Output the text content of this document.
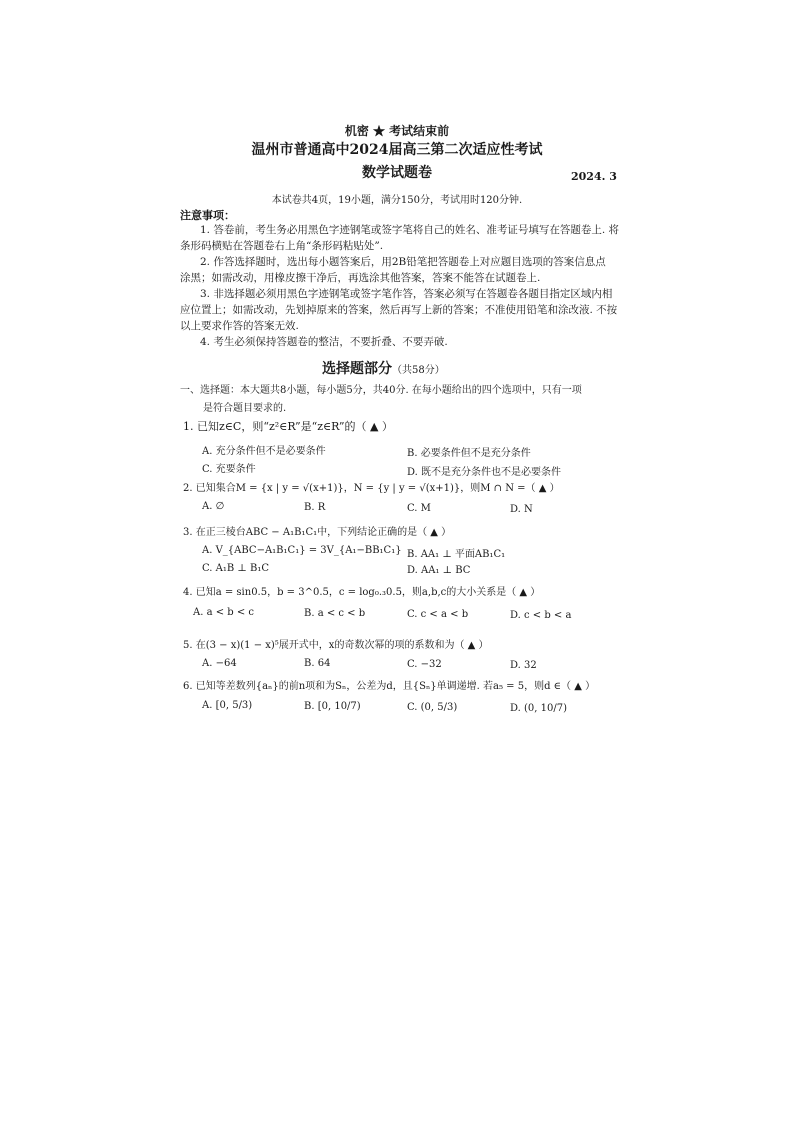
机密 ★ 考试结束前
温州市普通高中2024届高三第二次适应性考试
数学试题卷	2024. 3
本试卷共4页，19小题，满分150分，考试用时120分钟.
注意事项：
1. 答卷前，考生务必用黑色字迹钢笔或签字笔将自己的姓名、准考证号填写在答题卷上. 将
条形码横贴在答题卷右上角“条形码粘贴处”.
2. 作答选择题时，选出每小题答案后，用2B铅笔把答题卷上对应题目选项的答案信息点
涂黑；如需改动，用橡皮擦干净后，再选涂其他答案，答案不能答在试题卷上.
3. 非选择题必须用黑色字迹钢笔或签字笔作答，答案必须写在答题卷各题目指定区域内相
应位置上；如需改动，先划掉原来的答案，然后再写上新的答案；不准使用铅笔和涂改液. 不按
以上要求作答的答案无效.
4. 考生必须保持答题卷的整洁，不要折叠、不要弄破.
选择题部分（共58分）
一、选择题：本大题共8小题，每小题5分，共40分. 在每小题给出的四个选项中，只有一项
是符合题目要求的.
1. 已知z∈C，则“z²∈R”是“z∈R”的（ ▲ ）
A. 充分条件但不是必要条件	B. 必要条件但不是充分条件
C. 充要条件	D. 既不是充分条件也不是必要条件
2. 已知集合M = {x | y = √(x+1)}，N = {y | y = √(x+1)}，则M ∩ N =（ ▲ ）
A. ∅	B. R	C. M	D. N
3. 在正三棱台ABC − A₁B₁C₁中，下列结论正确的是（ ▲ ）
A. V_{ABC−A₁B₁C₁} = 3V_{A₁−BB₁C₁} B. AA₁ ⊥ 平面AB₁C₁
C. A₁B ⊥ B₁C	D. AA₁ ⊥ BC
4. 已知a = sin0.5，b = 3^0.5，c = log₀.₃0.5，则a,b,c的大小关系是（ ▲ ）
A. a < b < c	B. a < c < b	C. c < a < b	D. c < b < a
5. 在(3 − x)(1 − x)⁵展开式中，x的奇数次幂的项的系数和为（ ▲ ）
A. −64	B. 64	C. −32	D. 32
6. 已知等差数列{aₙ}的前n项和为Sₙ，公差为d，且{Sₙ}单调递增. 若a₅ = 5，则d ∈（ ▲ ）
A. [0, 5/3)	B. [0, 10/7)	C. (0, 5/3)	D. (0, 10/7)
